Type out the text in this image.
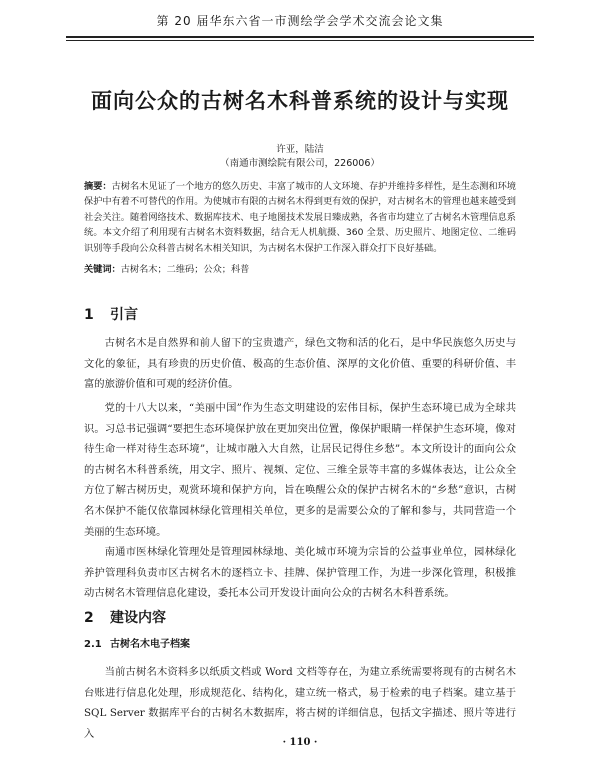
第 20 届华东六省一市测绘学会学术交流会论文集
面向公众的古树名木科普系统的设计与实现
许亚，陆洁
（南通市测绘院有限公司，226006）
摘要：古树名木见证了一个地方的悠久历史、丰富了城市的人文环境、存护并维持多样性，是生态测和环境保护中有着不可替代的作用。为使城市有限的古树名木得到更有效的保护，对古树名木的管理也越来越受到社会关注。随着网络技术、数据库技术、电子地图技术发展日臻成熟，各省市均建立了古树名木管理信息系统。本文介绍了利用现有古树名木资料数据，结合无人机航摄、360 全景、历史照片、地图定位、二维码识别等手段向公众科普古树名木相关知识，为古树名木保护工作深入群众打下良好基础。
关键词：古树名木；二维码；公众；科普
1 引言

古树名木是自然界和前人留下的宝贵遗产，绿色文物和活的化石，是中华民族悠久历史与文化的象征，具有珍贵的历史价值、极高的生态价值、深厚的文化价值、重要的科研价值、丰富的旅游价值和可观的经济价值。

党的十八大以来，“美丽中国”作为生态文明建设的宏伟目标，保护生态环境已成为全球共识。习总书记强调“要把生态环境保护放在更加突出位置，像保护眼睛一样保护生态环境，像对待生命一样对待生态环境”，让城市融入大自然，让居民记得住乡愁”。本文所设计的面向公众的古树名木科普系统，用文字、照片、视频、定位、三维全景等丰富的多媒体表达，让公众全方位了解古树历史，观赏环境和保护方向，旨在唤醒公众的保护古树名木的“乡愁”意识，古树名木保护不能仅依靠园林绿化管理相关单位，更多的是需要公众的了解和参与，共同营造一个美丽的生态环境。

南通市医林绿化管理处是管理园林绿地、美化城市环境为宗旨的公益事业单位，园林绿化养护管理科负责市区古树名木的逐档立卡、挂牌、保护管理工作，为进一步深化管理，积极推动古树名木管理信息化建设，委托本公司开发设计面向公众的古树名木科普系统。

2 建设内容
2.1 古树名木电子档案

当前古树名木资料多以纸质文档或 Word 文档等存在，为建立系统需要将现有的古树名木台账进行信息化处理，形成规范化、结构化，建立统一格式，易于检索的电子档案。建立基于SQL Server 数据库平台的古树名木数据库，将古树的详细信息，包括文字描述、照片等进行入

· 110 ·
